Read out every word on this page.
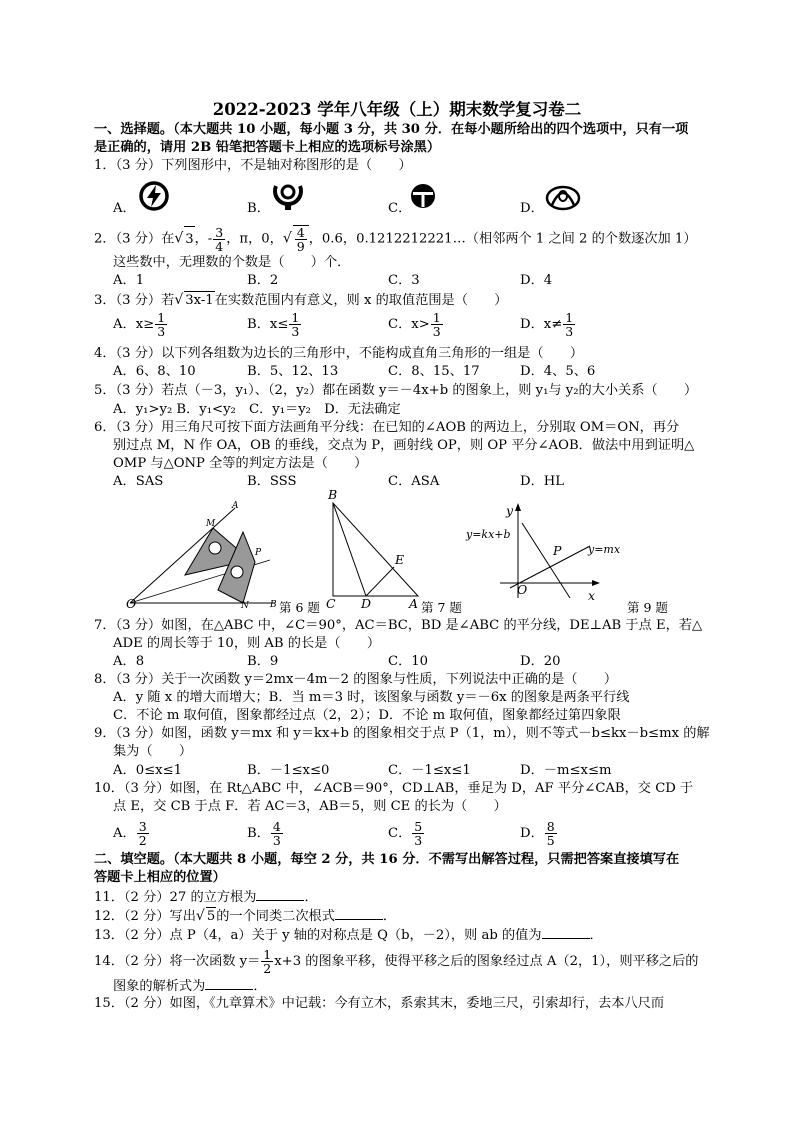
2022-2023 学年八年级（上）期末数学复习卷二
一、选择题。（本大题共 10 小题，每小题 3 分，共 30 分．在每小题所给出的四个选项中，只有一项
是正确的，请用 2B 铅笔把答题卡上相应的选项标号涂黑）
1．（3 分）下列图形中，不是轴对称图形的是（　　）
A．	B．	C．	D．
2．（3 分）在√ 3，- $\frac{3}{4}$ ，π，0，√ $\frac{4}{9}$ ，0.6，0.1212212221…（相邻两个 1 之间 2 的个数逐次加 1）
这些数中，无理数的个数是（　　）个．
A．1	B．2	C．3	D．4
3．（3 分）若√ 3x-1在实数范围内有意义，则 x 的取值范围是（　　）
A．$x\ge \frac{1}{3}$	B．$x\le \frac{1}{3}$	C．$x> \frac{1}{3}$	D．$x\ne \frac{1}{3}$
4．（3 分）以下列各组数为边长的三角形中，不能构成直角三角形的一组是（　　）
A．6、8、10	B．5、12、13	C．8、15、17	D．4、5、6
5．（3 分）若点（－3，y₁）、（2，y₂）都在函数 y＝－4x+b 的图象上，则 y₁与 y₂的大小关系（　　）
A．y₁>y₂ B．y₁<y₂　C．y₁＝y₂　D．无法确定
6．（3 分）用三角尺可按下面方法画角平分线：在已知的∠AOB 的两边上，分别取 OM＝ON，再分
别过点 M，N 作 OA，OB 的垂线，交点为 P，画射线 OP，则 OP 平分∠AOB．做法中用到证明△
OMP 与△ONP 全等的判定方法是（　　）
A．SAS	B．SSS	C．ASA	D．HL
O	N B
M
A
P
第 6 题
B
E
C D	A 第 7 题
y
x
O
P
y=kx+b
y=mx
第 9 题
7．（3 分）如图，在△ABC 中，∠C＝90°，AC＝BC，BD 是∠ABC 的平分线，DE⊥AB 于点 E，若△
ADE 的周长等于 10，则 AB 的长是（　　）
A．8	B．9	C．10	D．20
8．（3 分）关于一次函数 y＝2mx－4m－2 的图象与性质，下列说法中正确的是（　　）
A．y 随 x 的增大而增大；B．当 m＝3 时，该图象与函数 y＝－6x 的图象是两条平行线
C．不论 m 取何值，图象都经过点（2，2）；D．不论 m 取何值，图象都经过第四象限
9．（3 分）如图，函数 y＝mx 和 y＝kx+b 的图象相交于点 P（1，m），则不等式－b≤kx－b≤mx 的解
集为（　　）
A．0≤x≤1	B．－1≤x≤0	C．－1≤x≤1	D．－m≤x≤m
10．（3 分）如图，在 Rt△ABC 中，∠ACB＝90°，CD⊥AB，垂足为 D，AF 平分∠CAB，交 CD 于
点 E，交 CB 于点 F．若 AC＝3，AB＝5，则 CE 的长为（　　）
A． $\frac{3}{2}$	B． $\frac{4}{3}$	C． $\frac{5}{3}$	D． $\frac{8}{5}$
二、填空题。（本大题共 8 小题，每空 2 分，共 16 分．不需写出解答过程，只需把答案直接填写在
答题卡上相应的位置）
11．（2 分）27 的立方根为	．
12．（2 分）写出√ 5的一个同类二次根式	．
13．（2 分）点 P（4，a）关于 y 轴的对称点是 Q（b，－2），则 ab 的值为	．
14．（2 分）将一次函数 $y= \frac{1}{2} x+3$ 的图象平移，使得平移之后的图象经过点 A（2，1），则平移之后的
图象的解析式为	．
15．（2 分）如图，《九章算术》中记载：今有立木，系索其末，委地三尺，引索却行，去本八尺而
